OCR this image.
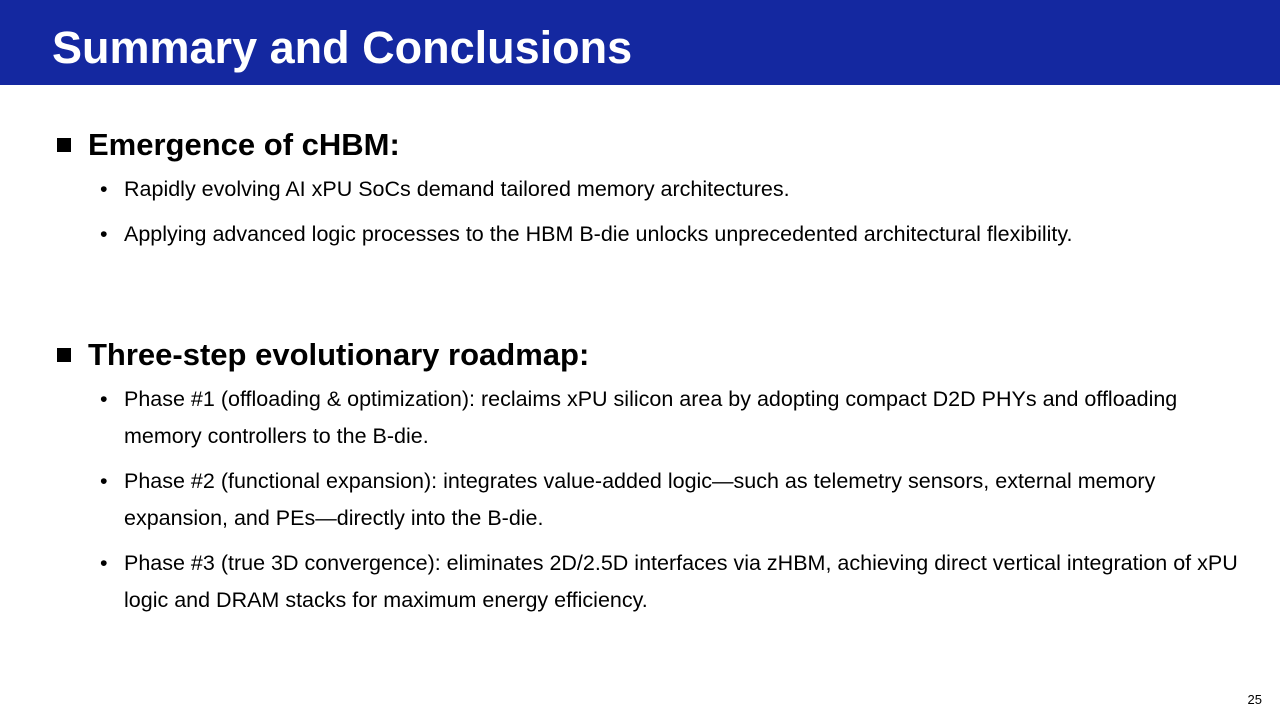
Summary and Conclusions
Emergence of cHBM:
• Rapidly evolving AI xPU SoCs demand tailored memory architectures.
• Applying advanced logic processes to the HBM B-die unlocks unprecedented architectural flexibility.
Three-step evolutionary roadmap:
• Phase #1 (offloading & optimization): reclaims xPU silicon area by adopting compact D2D PHYs and offloading memory controllers to the B-die.
• Phase #2 (functional expansion): integrates value-added logic—such as telemetry sensors, external memory expansion, and PEs—directly into the B-die.
• Phase #3 (true 3D convergence): eliminates 2D/2.5D interfaces via zHBM, achieving direct vertical integration of xPU logic and DRAM stacks for maximum energy efficiency.
25
